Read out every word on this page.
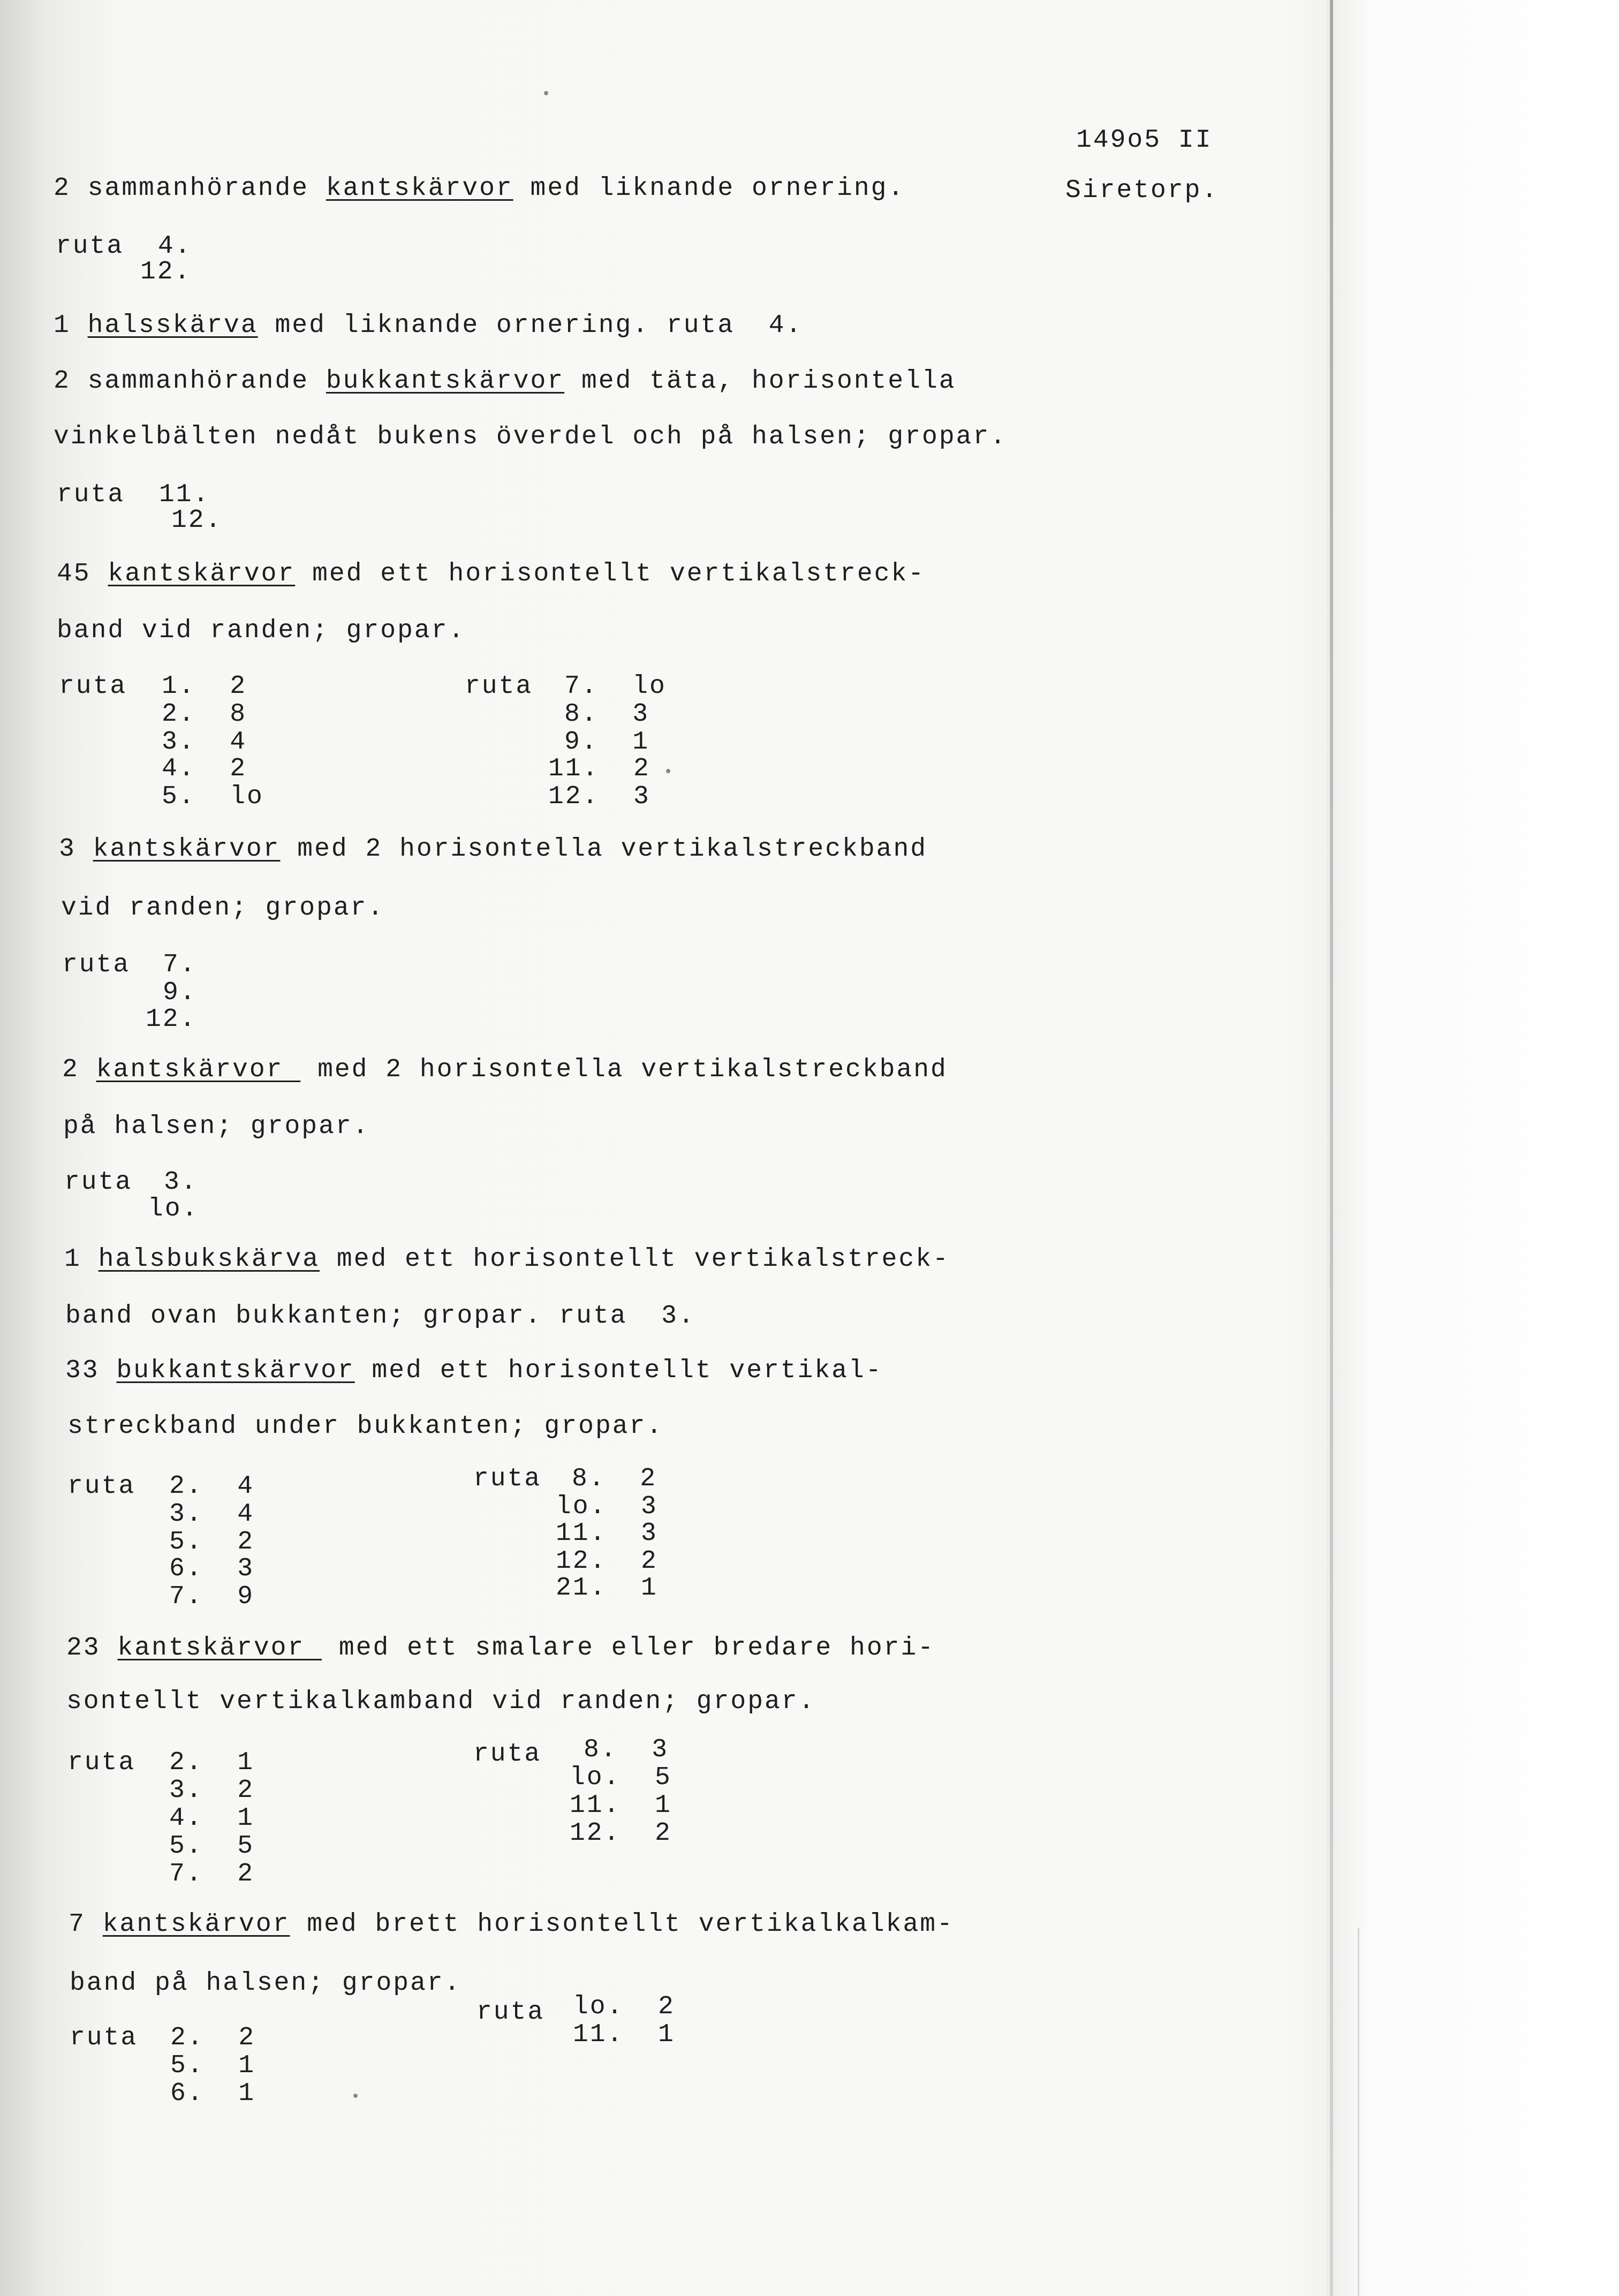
149o5 II
Siretorp.
2 sammanhörande kantskärvor med liknande ornering.
ruta  4.
12.
1 halsskärva med liknande ornering. ruta  4.
2 sammanhörande bukkantskärvor med täta, horisontella
vinkelbälten nedåt bukens överdel och på halsen; gropar.
ruta  11.
12.
45 kantskärvor med ett horisontellt vertikalstreck-
band vid randen; gropar.
ruta 1.  2
2.  8
3.  4
4.  2
5.  lo
ruta 7.  lo
8.  3
9.  1
11.  2
12.  3
3 kantskärvor med 2 horisontella vertikalstreckband
vid randen; gropar.
ruta 7.
9.
12.
2 kantskärvor  med 2 horisontella vertikalstreckband
på halsen; gropar.
ruta 3.
lo.
1 halsbukskärva med ett horisontellt vertikalstreck-
band ovan bukkanten; gropar. ruta  3.
33 bukkantskärvor med ett horisontellt vertikal-
streckband under bukkanten; gropar.
ruta 2.  4
3.  4
5.  2
6.  3
7.  9
ruta 8.  2
lo.  3
11.  3
12.  2
21.  1
23 kantskärvor  med ett smalare eller bredare hori-
sontellt vertikalkamband vid randen; gropar.
ruta 2.  1
3.  2
4.  1
5.  5
7.  2
ruta 8.  3
lo.  5
11.  1
12.  2
7 kantskärvor med brett horisontellt vertikalkalkam-
band på halsen; gropar.
ruta 2.  2
5.  1
6.  1
ruta lo.  2
11.  1
